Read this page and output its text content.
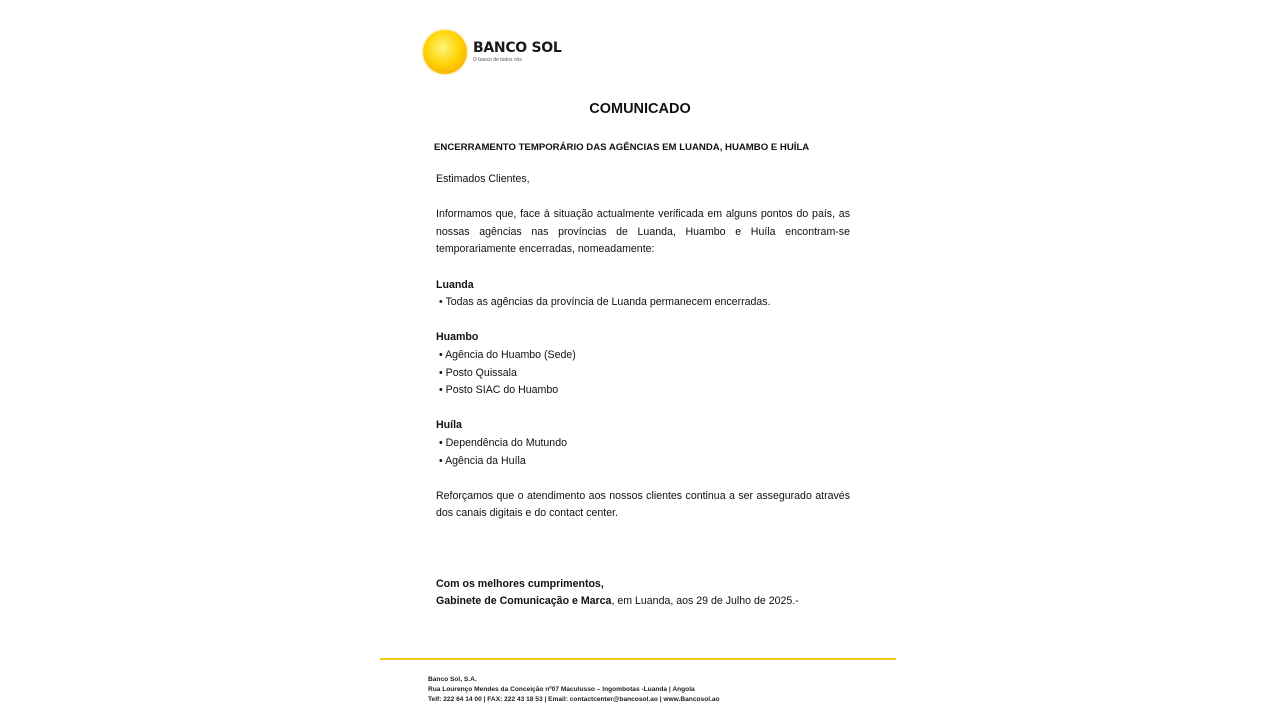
BANCO SOL
O banco de todos nós
COMUNICADO
ENCERRAMENTO TEMPORÁRIO DAS AGÊNCIAS EM LUANDA, HUAMBO E HUÍLA

Estimados Clientes,

Informamos que, face à situação actualmente verificada em alguns pontos do país, as nossas agências nas províncias de Luanda, Huambo e Huíla encontram-se temporariamente encerradas, nomeadamente:

Luanda

• Todas as agências da província de Luanda permanecem encerradas.

Huambo

• Agência do Huambo (Sede)

• Posto Quissala

• Posto SIAC do Huambo

Huíla

• Dependência do Mutundo

• Agência da Huíla

Reforçamos que o atendimento aos nossos clientes continua a ser assegurado através dos canais digitais e do contact center.

Com os melhores cumprimentos,

Gabinete de Comunicação e Marca, em Luanda, aos 29 de Julho de 2025.-

Banco Sol, S.A.
Rua Lourenço Mendes da Conceição nº07 Maculusso – Ingombotas -Luanda | Angola
Telf: 222 64 14 00 | FAX: 222 43 18 53 | Email: contactcenter@bancosol.ao | www.Bancosol.ao
